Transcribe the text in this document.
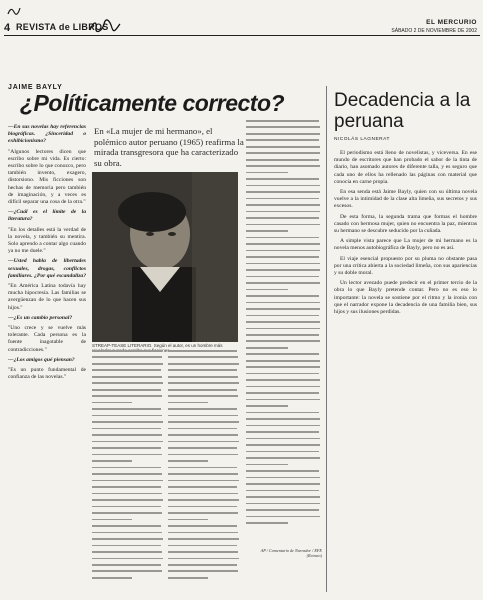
4 REVISTA de LIBROS	EL MERCURIO
SÁBADO 2 DE NOVIEMBRE DE 2002
JAIME BAYLY
¿Políticamente correcto?

—En sus novelas hay referencias biográficas. ¿Sinceridad o exhibicionismo?

"Algunos lectores dicen que escribo sobre mi vida. Es cierto: escribo sobre lo que conozco, pero también invento, exagero, distorsiono. Mis ficciones son hechas de memoria pero también de imaginación, y a veces es difícil separar una cosa de la otra."

—¿Cuál es el límite de la literatura?

"En los detalles está la verdad de la novela, y también su mentira. Solo aprendo a contar algo cuando ya no me duele."

—Usted habla de libertades sexuales, drogas, conflictos familiares. ¿Por qué escandaliza?

"En América Latina todavía hay mucha hipocresía. Las familias se avergüenzan de lo que hacen sus hijos."

—¿Es un cambio personal?

"Uno crece y se vuelve más tolerante. Cada persona es la fuente inagotable de contradicciones."

—¿Los amigos qué piensan?

"Es un punto fundamental de confianza de las novelas."

En «La mujer de mi hermano», el polémico autor peruano (1965) reafirma la mirada transgresora que ha caracterizado su obra.
STREAP-TEASE LITERARIO. Según el autor, es un hombre más ficciones.
AP / Comentario de Narrador / EFE (Retrato)
Decadencia a la peruana
NICOLÁS LAGNERAT

El periodismo está lleno de novelistas, y viceversa. En ese mundo de escritores que han probado el sabor de la tinta de diario, han asomado autores de diferente talla, y es seguro que cada uno de ellos ha rellenado las páginas con material que conocía en carne propia.

En esa senda está Jaime Bayly, quien con su última novela vuelve a la intimidad de la clase alta limeña, sus secretos y sus excesos.

De esta forma, la segunda trama que formas el hombre casado con hermosa mujer, quien no encuentra la paz, mientras su hermano se descubre seducido por la cuñada.

A simple vista parece que La mujer de mi hermano es la novela menos autobiográfica de Bayly, pero no es así.

El viaje esencial propuesto por su pluma no obstante pasa por una crítica abierta a la sociedad limeña, con sus apariencias y su doble moral.

Un lector avezado puede predecir en el primer tercio de la obra lo que Bayly pretende contar. Pero no es eso lo importante: la novela se sostiene por el ritmo y la ironía con que el narrador expone la decadencia de una familia bien, sus hijos y sus ilusiones perdidas.
